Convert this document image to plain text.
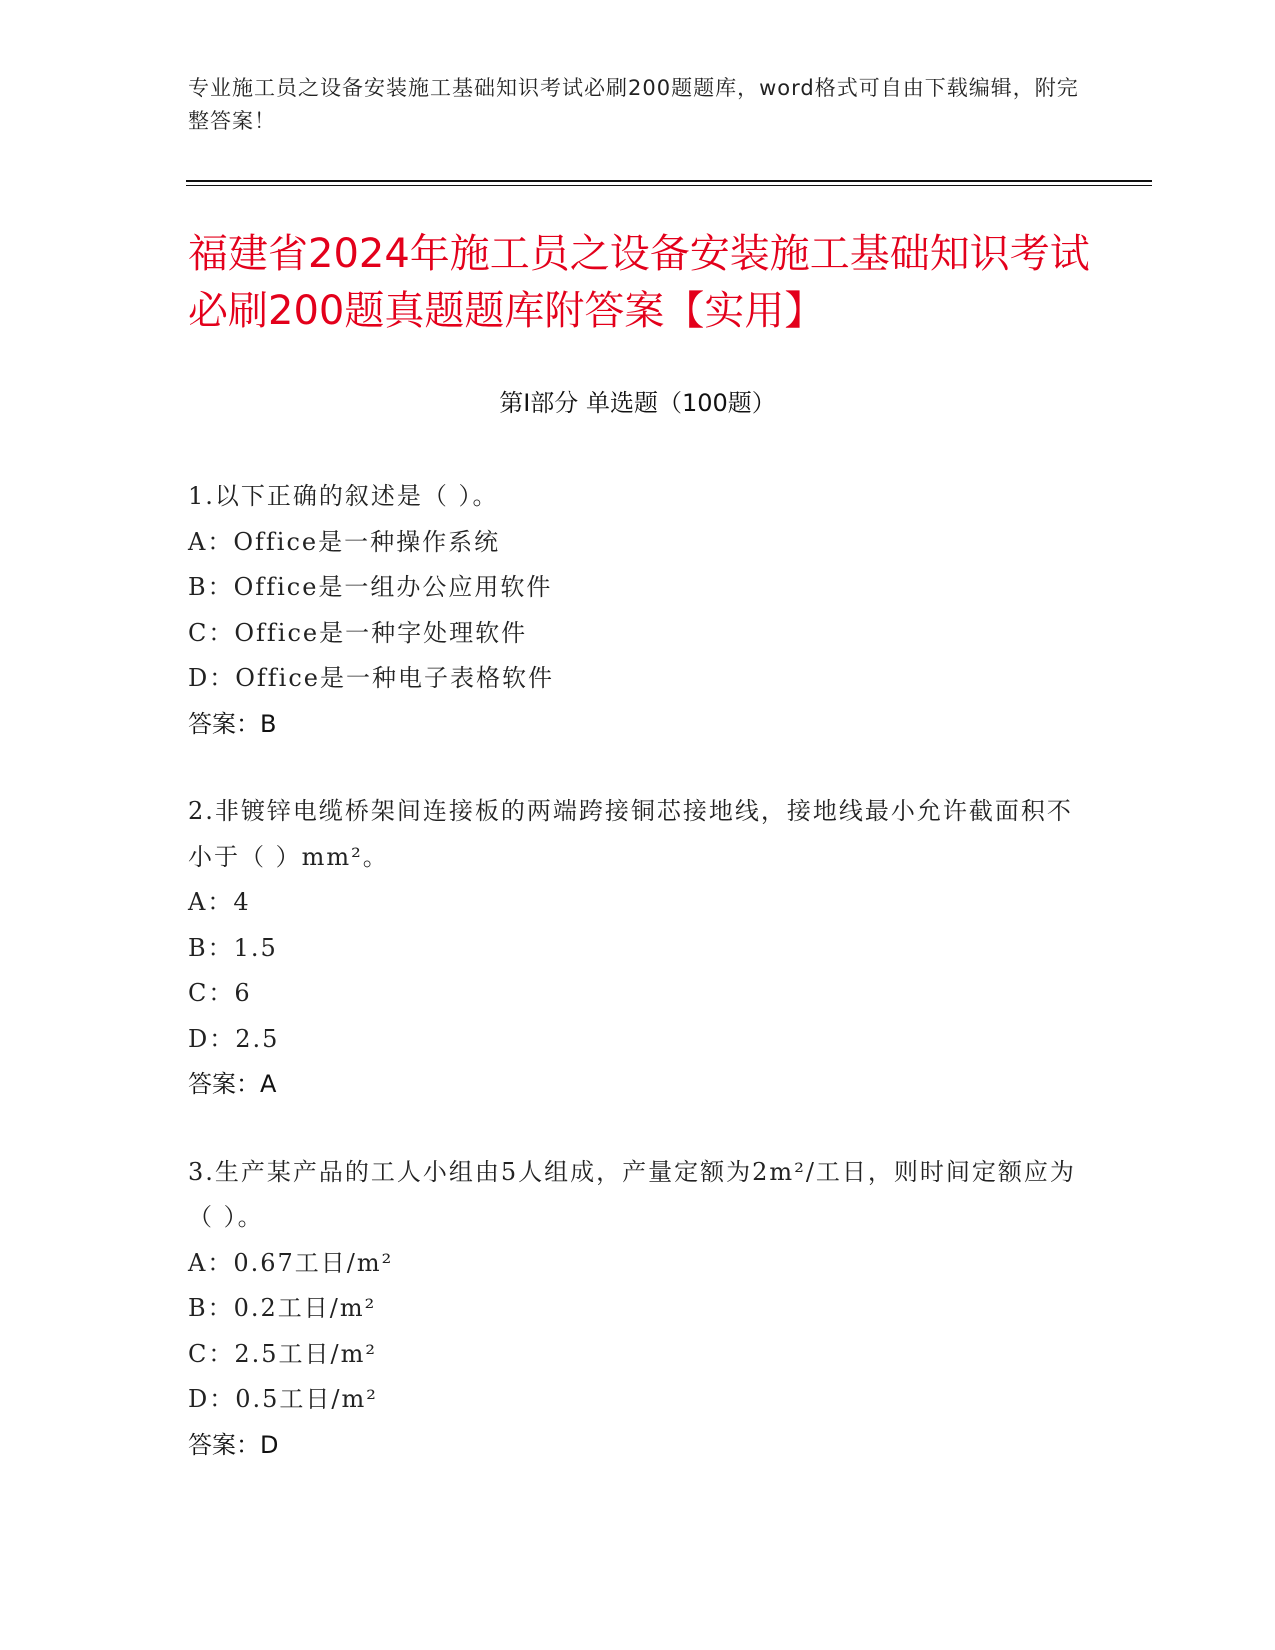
专业施工员之设备安装施工基础知识考试必刷200题题库，word格式可自由下载编辑，附完整答案！
福建省2024年施工员之设备安装施工基础知识考试必刷200题真题题库附答案【实用】
第Ⅰ部分 单选题（100题）
1.以下正确的叙述是（ ）。
A：Office是一种操作系统
B：Office是一组办公应用软件
C：Office是一种字处理软件
D：Office是一种电子表格软件
答案：B
2.非镀锌电缆桥架间连接板的两端跨接铜芯接地线，接地线最小允许截面积不小于（ ）mm²。
A：4
B：1.5
C：6
D：2.5
答案：A
3.生产某产品的工人小组由5人组成，产量定额为2m²/工日，则时间定额应为（ ）。
A：0.67工日/m²
B：0.2工日/m²
C：2.5工日/m²
D：0.5工日/m²
答案：D
